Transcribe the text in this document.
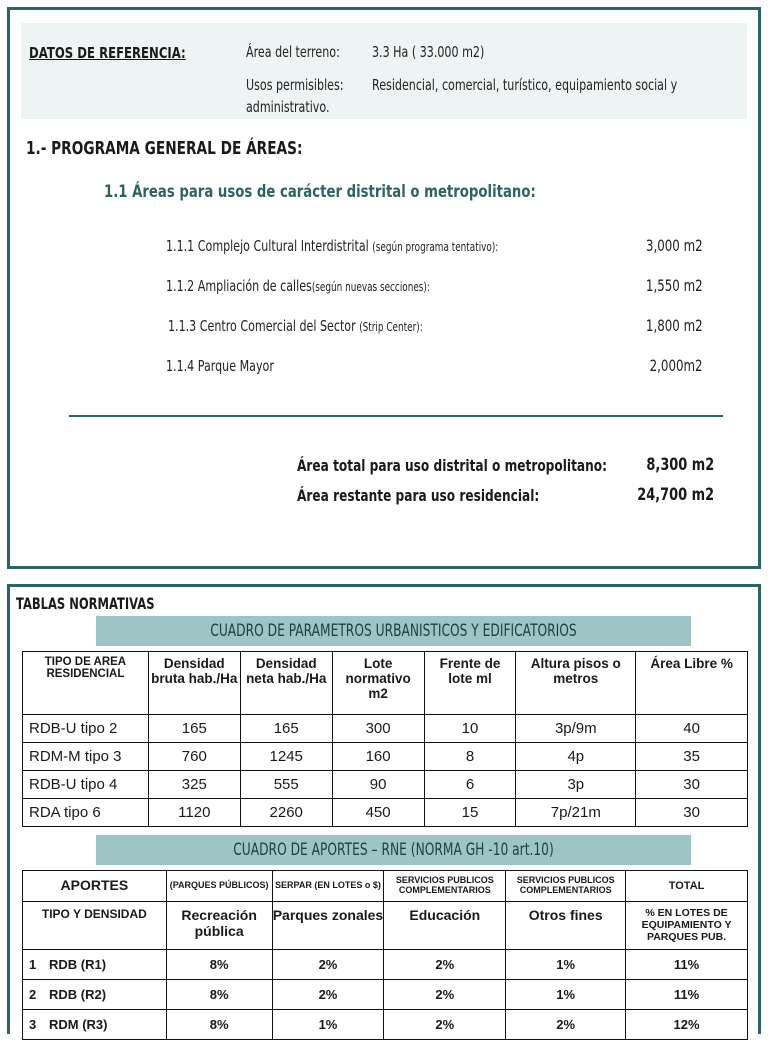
DATOS DE REFERENCIA:	Área del terreno: 3.3 Ha ( 33.000 m2)
Usos permisibles: Residencial, comercial, turístico, equipamiento social y
administrativo.
1.- PROGRAMA GENERAL DE ÁREAS:
1.1 Áreas para usos de carácter distrital o metropolitano:
1.1.1 Complejo Cultural Interdistrital (según programa tentativo):	3,000 m2
1.1.2 Ampliación de calles(según nuevas secciones):	1,550 m2
1.1.3 Centro Comercial del Sector (Strip Center):	1,800 m2
1.1.4 Parque Mayor	2,000m2
Área total para uso distrital o metropolitano: 8,300 m2
Área restante para uso residencial:	24,700 m2
TABLAS NORMATIVAS
CUADRO DE PARAMETROS URBANISTICOS Y EDIFICATORIOS
TIPO DE AREA RESIDENCIAL	Densidad bruta hab./Ha	Densidad neta hab./Ha	Lote normativo m2	Frente de lote ml	Altura pisos o metros	Área Libre %
RDB-U tipo 2	165	165	300	10	3p/9m	40
RDM-M tipo 3	760	1245	160	8	4p	35
RDB-U tipo 4	325	555	90	6	3p	30
RDA tipo 6	1120	2260	450	15	7p/21m	30
CUADRO DE APORTES – RNE (NORMA GH -10 art.10)
APORTES	(PARQUES PÚBLICOS)	SERPAR (EN LOTES o $)	SERVICIOS PUBLICOS COMPLEMENTARIOS	SERVICIOS PUBLICOS COMPLEMENTARIOS	TOTAL
TIPO Y DENSIDAD	Recreación pública	Parques zonales	Educación	Otros fines	% EN LOTES DE EQUIPAMIENTO Y PARQUES PUB.
1 RDB (R1)	8%	2%	2%	1%	11%
2 RDB (R2)	8%	2%	2%	1%	11%
3 RDM (R3)	8%	1%	2%	2%	12%
